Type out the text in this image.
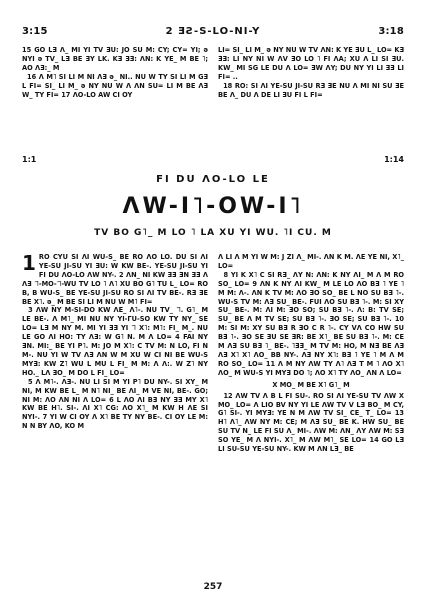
3:15	2 ƎƧ-S-LO-NI-Y	3:18

15 GO LƎ Λ_ MI YI TV ƎU: JO SU M: CY; CY= YI; ǝ NYI ǝ TV_ LƎ BE ƎY LK. KƎ ƎƎ: ɅN: K YE_ M BE ˥; AO ɅƎ:_ M

16 Λ M˥ SI LI M NI ɅƎ ǝ_ NI.. NU W TY SI LI M GƎ L FI= SI_ LI M_ ǝ NY NU W Λ ɅN SU= LI M BE ɅƎ W_ TY FI= 17 ɅO-LO AW CI OY

LI= SI_ LI M_ ǝ NY NU W TV ɅN: K YE ƎU L_ LO= KƎ ƎƎ: LI NY NI W ΛV ƎO LO ˥ FI ɅA; XU Λ LI SI ƎU. KW_ MI SG LE DU Λ LO= ƎW ΛY; DU NY YI LI ƎƎ LI FI= ..

18 RO: SI ɅI YE-SU JI-SU RƎ ƎE NU Λ MI NI SU ƎE BE Λ_ DU Λ DE LI ƎU FI L FI=

1:1	1:14
FI DU ɅO-LO LE
ɅW-I˥-OW-I˥
TV BO G˥_ M LO ˥ LA XU YI WU. ˥I CU. M

1 RO CYU SI ɅI WU-S_ BE RO ΛO LO. DU SI ɅI YE-SU JI-SU YI ƎU: W KW BE-. YE-SU JI-SU YI FI DU ɅO-LO ΛW NY-. 2 ɅN_ NI KW ƎƎ ƎN ƎƎ Λ ɅƎ ˥˥-MO-˥˥-WU TV LO ˥ Λ˥ XU BO G˥ TU L_ LO= RO B, B WU-S_ BE YE-SU JI-SU RO SI ɅI TV BE-. RƎ ƎE BE X˥. ǝ_ M BE SI LI M NU W M˥ FI=

3 ΛW NY M-SI-DO KW ɅE_ Λ˥-. NU TV_ ˥˥. G˥_ M LE BE-. Λ M˥_ MI NU NY YI-ΓU-SO KW TY NY_ SE LO= LƎ M NY M. MI YI ƎƎ YI ˥˥ X˥: M˥: FI_ M_. NU LE GO ɅI HO: TY ɅƎ: W G˥ N. M Λ LO= 4 FAI NY ƎN. MI:_ BE YI P˥. M: JO M X˥: C TV M: N LO, FI N M-. NU YI W TV ɅƎ ɅN W M XU W CI NI BE WU-S MYƎ: KW Z˥ WU L MU L FI_ M M: Λ Λ:. W Z˥ NY HO._ LΛ ƎO_ M DO L FI_ LO=

5 Λ M˥-. ɅƎ-. NU LI SI M YI P˥ DU NY-. SI XY_ M NI, M KW BE L_ M N˥ NI_ BE ɅI_ M VE NI, BE-. GO; NI M: ɅO ɅN NI Λ LO= 6 L ɅO ɅI BƎ NY ƎƎ MY X˥ KW BE H˥. SI-. ɅI X˥ CG: ɅO X˥_ M KW H ɅE SI NYI-. 7 YI W CI OY Λ X˥ BE TY NY BE-. CI OY LE M: N N BY ΛO, KO M

Λ LI Λ M YI W M: J ZI Λ_ MI-. ɅN K M. ɅE YE NI, X˥_ LO=

8 YI K X˥ C SI RƎ_ ΛY N: ɅN: K NY ɅI_ M Λ M RO SO_ LO= 9 ɅN K NY ɅI KW_ M LE LO ɅO BƎ ˥ YE ˥ M M: Λ-. ɅN K TV M: ɅO ƎO SO_ BE L NO SU BƎ ˥-. WU-S TV M: ɅƎ SU_ BE-. FUI ɅO SU BƎ ˥-. M: SI XY SU_ BE-. M: ɅI M: ƎO SO; SU BƎ ˥-. Λ: B: TV SE; SU_ BE Λ M TV SE; SU BƎ ˥-. ƎO SE; SU BƎ ˥-. 10 M: SI M: XY SU BƎ R ƎO C R ˥-. CY VΛ CO HW SU BƎ ˥-. ƎO SE ƎU SE ƎR: BE X˥_ BE SU BƎ ˥-. M: CE M ɅƎ SU BƎ ˥_ BE-. ˥ƎƎ_ M TV M: HO, M NƎ BE ΛƎ ΛƎ X˥ X˥ ɅO_ BB NY-. ΛƎ NY X˥: BƎ ˥ YE ˥ M Λ M RO SO_ LO= 11 Λ M NY ΛW TY Λ˥ ɅƎ T M ˥ ɅO X˥ ɅO_ M WU-S YI MYƎ DO ˥; ΛO X˥ TY ɅO_ ɅN Λ LO=

X MO_ M BE X˥ G˥_ M

12 ΛW TV Λ B L FI SU-. RO SI ɅI YE-SU TV ΛW X MO_ LO= Λ LIO BV NY YI LE ΛW TV V LƎ BO_ M CY, G˥ SI-. YI MYƎ: YE N M ΛW TV SI_ CE_ T_ LO= 13 H˥ Λ˥_ ΛW NY M: CE; M ɅƎ SU_ BE K. HW SU_ BE SU TV N_ LE FI SU Λ_ MI-. ΛW M: ɅN_ ΛY ΛW M: SƎ SO YE_ M Λ NYI-. X˥_ M ΛW M˥_ SE LO= 14 GO LƎ LI SU-SU YE-SU NY-. KW M ɅN LƎ_ BE

257
